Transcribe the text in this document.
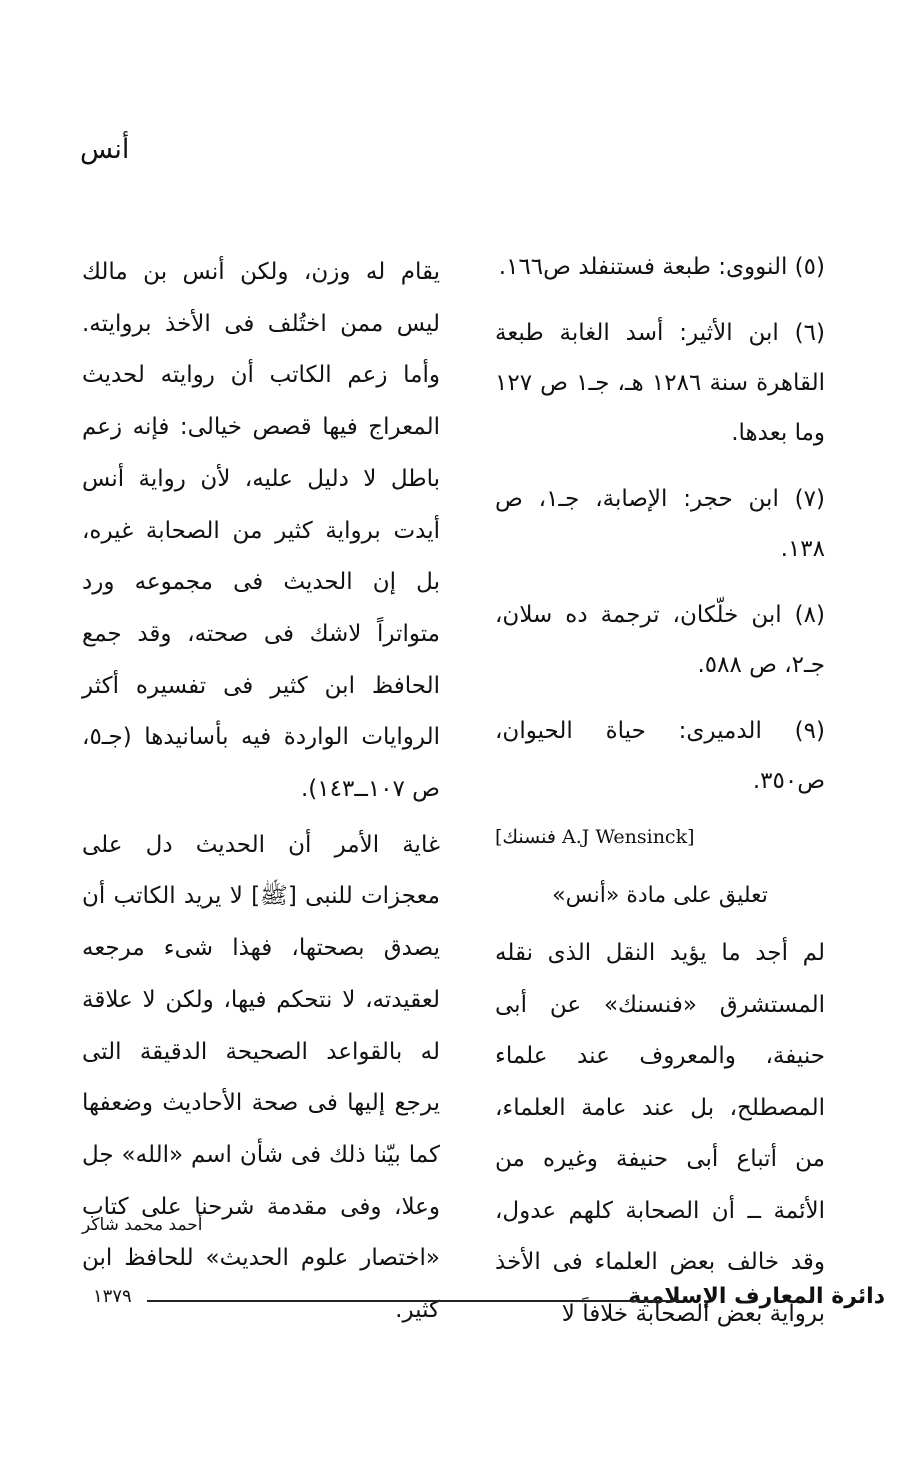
أنس

(٥) النووى: طبعة فستنفلد ص١٦٦.

(٦) ابن الأثير: أسد الغابة طبعة القاهرة سنة ١٢٨٦ هـ، جـ١ ص ١٢٧ وما بعدها.

(٧) ابن حجر: الإصابة، جـ١، ص ١٣٨.

(٨) ابن خلّكان، ترجمة ده سلان، جـ٢، ص ٥٨٨.

(٩) الدميرى: حياة الحيوان، ص٣٥٠.

[	A.J Wensinck فنسنك	]
تعليق على مادة «أنس»

لم أجد ما يؤيد النقل الذى نقله المستشرق «فنسنك» عن أبى حنيفة، والمعروف عند علماء المصطلح، بل عند عامة العلماء، من أتباع أبى حنيفة وغيره من الأئمة ــ أن الصحابة كلهم عدول، وقد خالف بعض العلماء فى الأخذ برواية بعض الصحابة خلافاً لا

يقام له وزن، ولكن أنس بن مالك ليس ممن اختُلف فى الأخذ بروايته. وأما زعم الكاتب أن روايته لحديث المعراج فيها قصص خيالى: فإنه زعم باطل لا دليل عليه، لأن رواية أنس أيدت برواية كثير من الصحابة غيره، بل إن الحديث فى مجموعه ورد متواتراً لاشك فى صحته، وقد جمع الحافظ ابن كثير فى تفسيره أكثر الروايات الواردة فيه بأسانيدها (جـ٥، ص ١٠٧ــ١٤٣).

غاية الأمر أن الحديث دل على معجزات للنبى [ﷺ] لا يريد الكاتب أن يصدق بصحتها، فهذا شىء مرجعه لعقيدته، لا نتحكم فيها، ولكن لا علاقة له بالقواعد الصحيحة الدقيقة التى يرجع إليها فى صحة الأحاديث وضعفها كما بيّنا ذلك فى شأن اسم «الله» جل وعلا، وفى مقدمة شرحنا على كتاب «اختصار علوم الحديث» للحافظ ابن كثير.

أحمد محمد شاكر
دائرة المعارف الإسلامية
١٣٧٩
